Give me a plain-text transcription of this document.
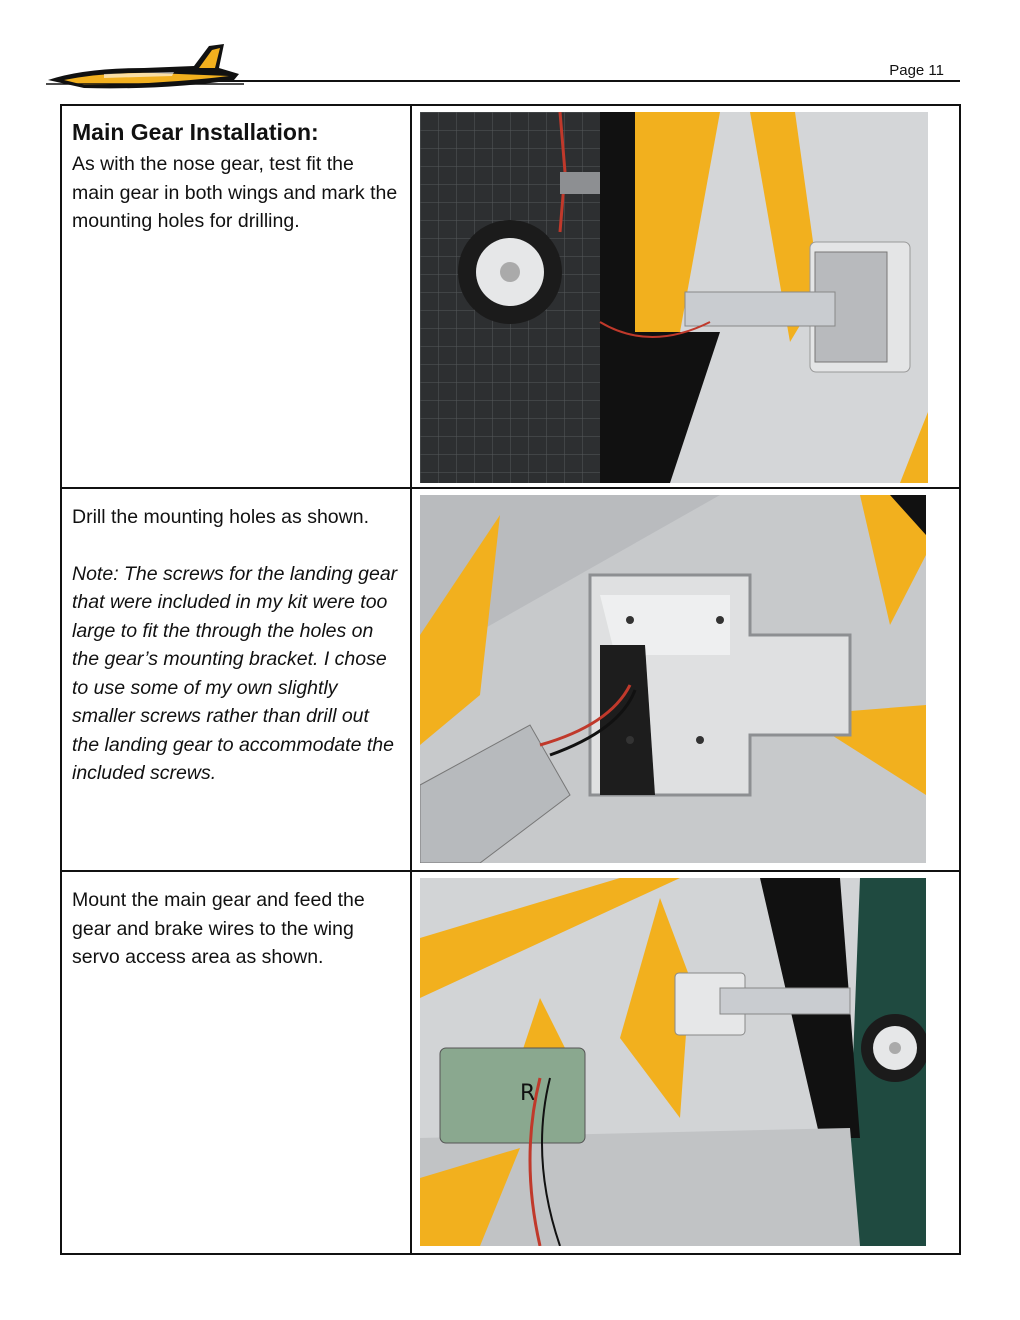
Page 11
Main Gear Installation:

As with the nose gear, test fit the main gear in both wings and mark the mounting holes for drilling.

Drill the mounting holes as shown.

Note: The screws for the landing gear that were included in my kit were too large to fit the through the holes on the gear’s mounting bracket. I chose to use some of my own slightly smaller screws rather than drill out the landing gear to accommodate the included screws.

Mount the main gear and feed the gear and brake wires to the wing servo access area as shown.	R
